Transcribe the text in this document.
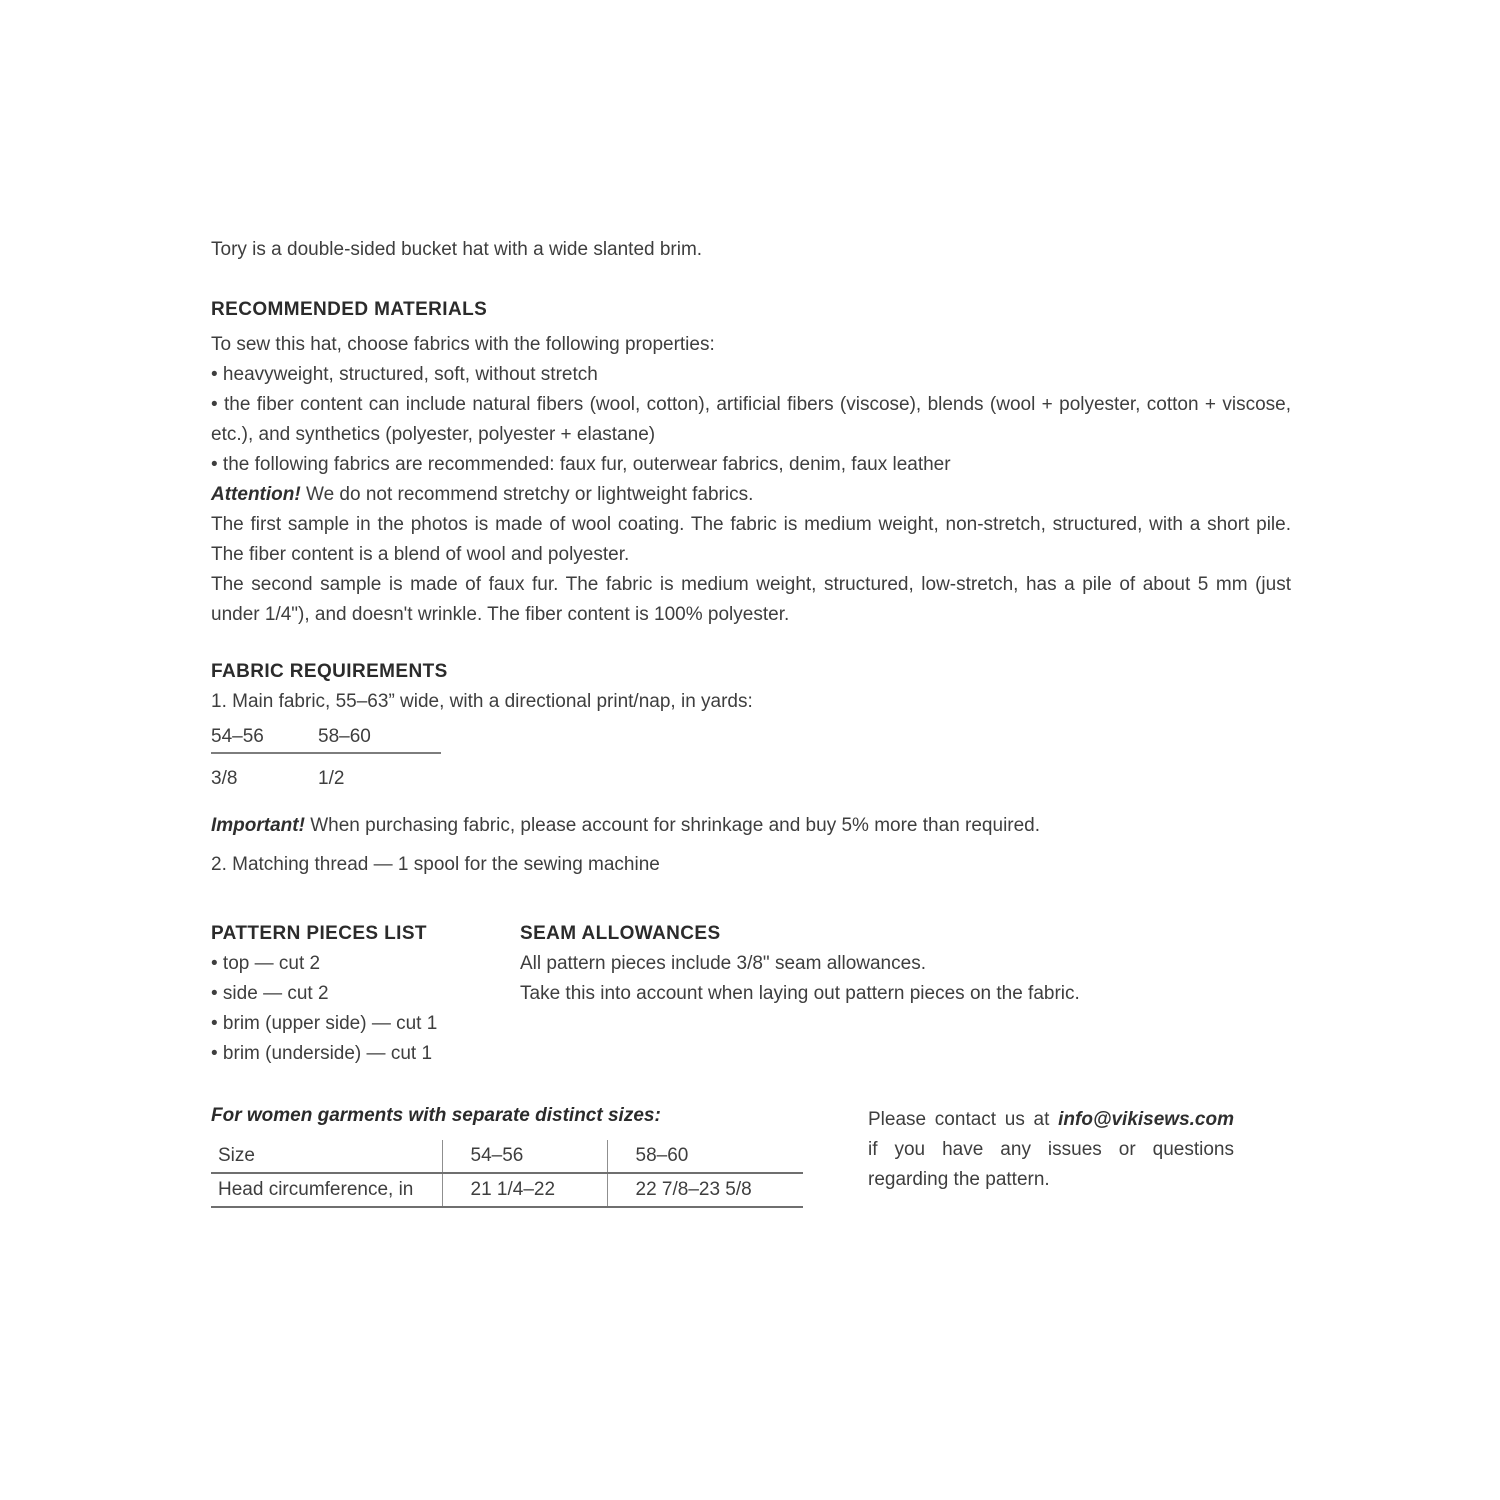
Tory is a double-sided bucket hat with a wide slanted brim.

RECOMMENDED MATERIALS

To sew this hat, choose fabrics with the following properties:

• heavyweight, structured, soft, without stretch

• the fiber content can include natural fibers (wool, cotton), artificial fibers (viscose), blends (wool + polyester, cotton + viscose, etc.), and synthetics (polyester, polyester + elastane)

• the following fabrics are recommended: faux fur, outerwear fabrics, denim, faux leather

Attention! We do not recommend stretchy or lightweight fabrics.

The first sample in the photos is made of wool coating. The fabric is medium weight, non-stretch, structured, with a short pile. The fiber content is a blend of wool and polyester.

The second sample is made of faux fur. The fabric is medium weight, structured, low-stretch, has a pile of about 5 mm (just under 1/4"), and doesn't wrinkle. The fiber content is 100% polyester.

FABRIC REQUIREMENTS

1. Main fabric, 55–63” wide, with a directional print/nap, in yards:

54–56	58–60
3/8	1/2

Important! When purchasing fabric, please account for shrinkage and buy 5% more than required.

2. Matching thread — 1 spool for the sewing machine

PATTERN PIECES LIST

• top — cut 2

• side — cut 2

• brim (upper side) — cut 1

• brim (underside) — cut 1

SEAM ALLOWANCES

All pattern pieces include 3/8" seam allowances.

Take this into account when laying out pattern pieces on the fabric.

For women garments with separate distinct sizes:

Size	54–56	58–60
Head circumference, in	21 1/4–22	22 7/8–23 5/8

Please contact us at info@vikisews.com if you have any issues or questions regarding the pattern.
